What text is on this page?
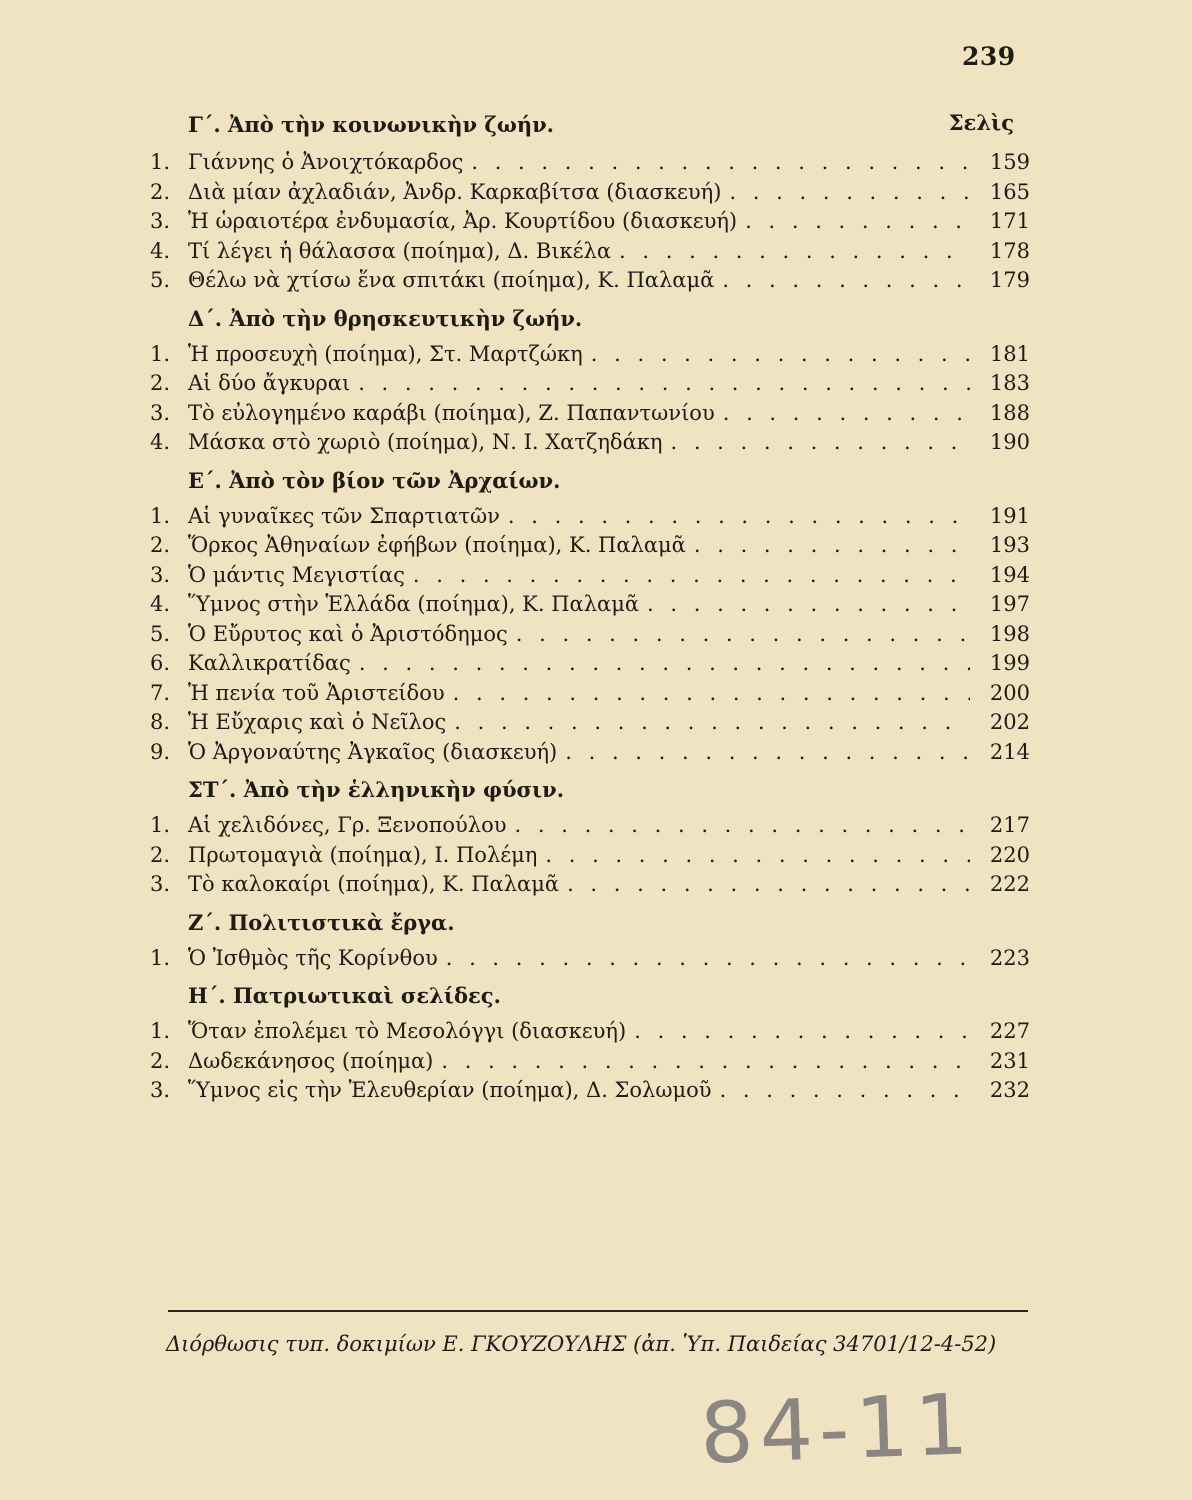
239
Γ΄. Ἀπὸ τὴν κοινωνικὴν ζωήν.	Σελὶς
1. Γιάννης ὁ Ἀνοιχτόκαρδος . . .	159
2. Διὰ μίαν ἀχλαδιάν, Ἀνδρ. Καρκαβίτσα (διασκευή) . . .	165
3. Ἡ ὡραιοτέρα ἐνδυμασία, Ἀρ. Κουρτίδου (διασκευή) . . .	171
4. Τί λέγει ἡ θάλασσα (ποίημα), Δ. Βικέλα . . .	178
5. Θέλω νὰ χτίσω ἕνα σπιτάκι (ποίημα), Κ. Παλαμᾶ . . .	179
Δ΄. Ἀπὸ τὴν θρησκευτικὴν ζωήν.
1. Ἡ προσευχὴ (ποίημα), Στ. Μαρτζώκη . . .	181
2. Αἱ δύο ἄγκυραι . . .	183
3. Τὸ εὐλογημένο καράβι (ποίημα), Ζ. Παπαντωνίου . . .	188
4. Μάσκα στὸ χωριὸ (ποίημα), Ν. Ι. Χατζηδάκη . . .	190
Ε΄. Ἀπὸ τὸν βίον τῶν Ἀρχαίων.
1. Αἱ γυναῖκες τῶν Σπαρτιατῶν . . .	191
2. Ὅρκος Ἀθηναίων ἐφήβων (ποίημα), Κ. Παλαμᾶ . . .	193
3. Ὁ μάντις Μεγιστίας . . .	194
4. Ὕμνος στὴν Ἑλλάδα (ποίημα), Κ. Παλαμᾶ . . .	197
5. Ὁ Εὔρυτος καὶ ὁ Ἀριστόδημος . . .	198
6. Καλλικρατίδας . . .	199
7. Ἡ πενία τοῦ Ἀριστείδου . . .	200
8. Ἡ Εὔχαρις καὶ ὁ Νεῖλος . . .	202
9. Ὁ Ἀργοναύτης Ἀγκαῖος (διασκευή) . . .	214
ΣΤ΄. Ἀπὸ τὴν ἑλληνικὴν φύσιν.
1. Αἱ χελιδόνες, Γρ. Ξενοπούλου . . .	217
2. Πρωτομαγιὰ (ποίημα), Ι. Πολέμη . . .	220
3. Τὸ καλοκαίρι (ποίημα), Κ. Παλαμᾶ . . .	222
Ζ΄. Πολιτιστικὰ ἔργα.
1. Ὁ Ἰσθμὸς τῆς Κορίνθου . . .	223
Η΄. Πατριωτικαὶ σελίδες.
1. Ὅταν ἐπολέμει τὸ Μεσολόγγι (διασκευή) . . .	227
2. Δωδεκάνησος (ποίημα) . . .	231
3. Ὕμνος εἰς τὴν Ἐλευθερίαν (ποίημα), Δ. Σολωμοῦ . . .	232
Διόρθωσις τυπ. δοκιμίων Ε. ΓΚΟΥΖΟΥΛΗΣ (ἀπ. Ὑπ. Παιδείας 34701/12-4-52)
84-11
